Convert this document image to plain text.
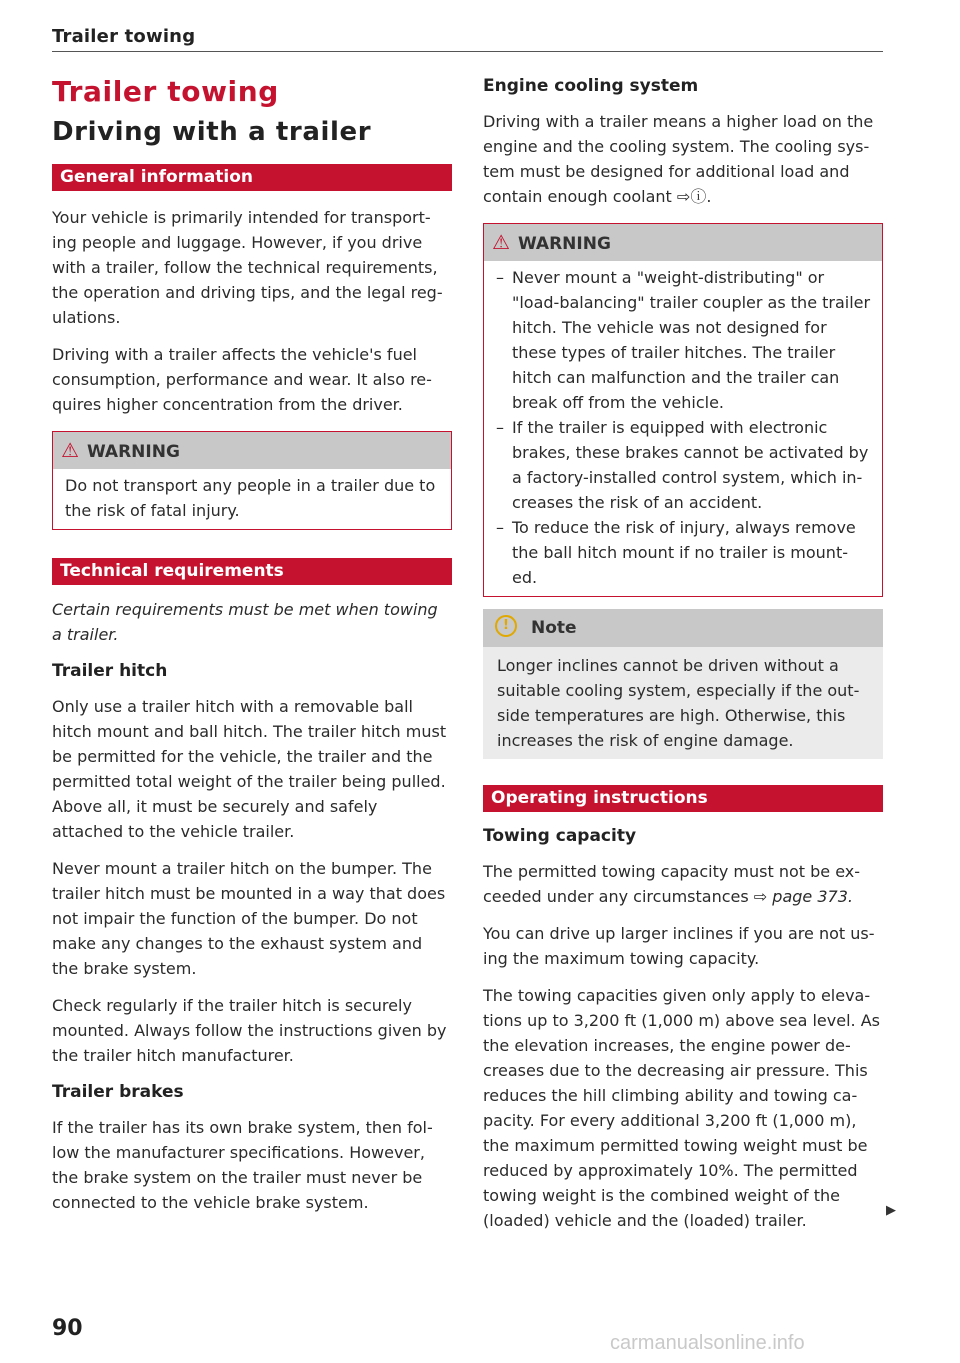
Trailer towing
Trailer towing
Driving with a trailer
General information

Your vehicle is primarily intended for transport- ing people and luggage. However, if you drive with a trailer, follow the technical requirements, the operation and driving tips, and the legal reg- ulations.

Driving with a trailer affects the vehicle's fuel consumption, performance and wear. It also re- quires higher concentration from the driver.

⚠ WARNING

Do not transport any people in a trailer due to the risk of fatal injury.

Technical requirements

Certain requirements must be met when towing a trailer.

Trailer hitch

Only use a trailer hitch with a removable ball hitch mount and ball hitch. The trailer hitch must be permitted for the vehicle, the trailer and the permitted total weight of the trailer being pulled. Above all, it must be securely and safely attached to the vehicle trailer.

Never mount a trailer hitch on the bumper. The trailer hitch must be mounted in a way that does not impair the function of the bumper. Do not make any changes to the exhaust system and the brake system.

Check regularly if the trailer hitch is securely mounted. Always follow the instructions given by the trailer hitch manufacturer.

Trailer brakes

If the trailer has its own brake system, then fol- low the manufacturer specifications. However, the brake system on the trailer must never be connected to the vehicle brake system.

Engine cooling system

Driving with a trailer means a higher load on the engine and the cooling system. The cooling sys- tem must be designed for additional load and contain enough coolant ⇨ⓘ.

⚠ WARNING
– Never mount a "weight-distributing" or "load-balancing" trailer coupler as the trailer hitch. The vehicle was not designed for these types of trailer hitches. The trailer hitch can malfunction and the trailer can break off from the vehicle.
– If the trailer is equipped with electronic brakes, these brakes cannot be activated by a factory-installed control system, which in- creases the risk of an accident.
– To reduce the risk of injury, always remove the ball hitch mount if no trailer is mount- ed.
! Note

Longer inclines cannot be driven without a suitable cooling system, especially if the out- side temperatures are high. Otherwise, this increases the risk of engine damage.

Operating instructions
Towing capacity

The permitted towing capacity must not be ex- ceeded under any circumstances ⇨ page 373.

You can drive up larger inclines if you are not us- ing the maximum towing capacity.

The towing capacities given only apply to eleva- tions up to 3,200 ft (1,000 m) above sea level. As the elevation increases, the engine power de- creases due to the decreasing air pressure. This reduces the hill climbing ability and towing ca- pacity. For every additional 3,200 ft (1,000 m), the maximum permitted towing weight must be reduced by approximately 10%. The permitted towing weight is the combined weight of the (loaded) vehicle and the (loaded) trailer.

▶
90
carmanualsonline.info
